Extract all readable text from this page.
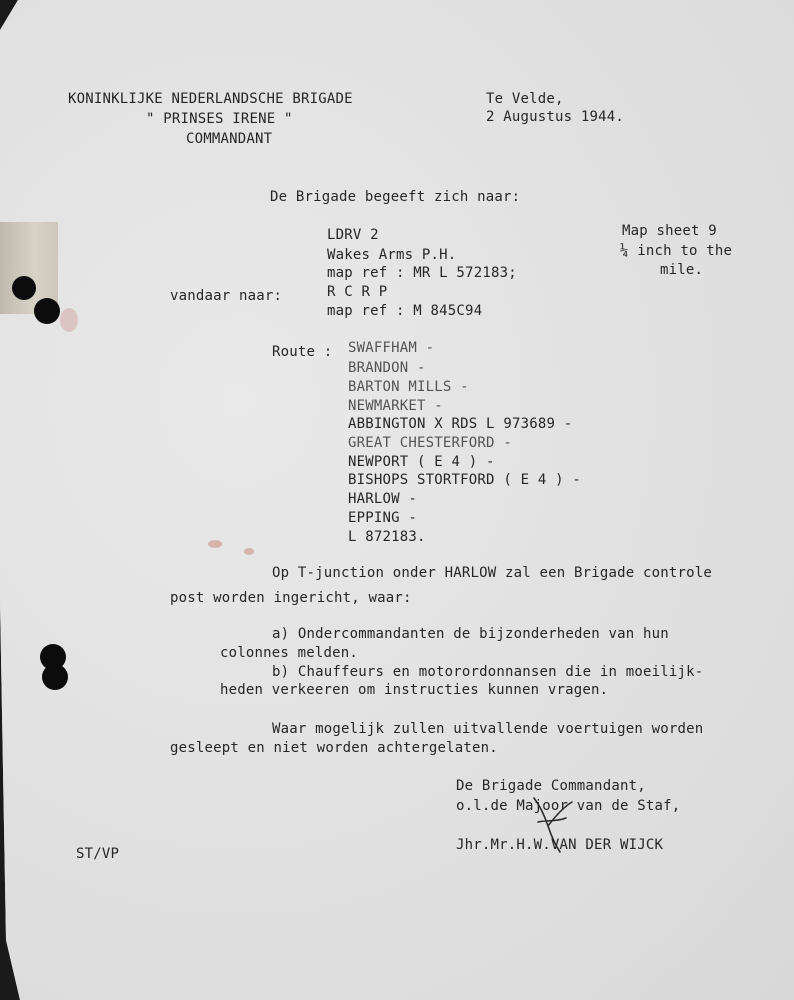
KONINKLIJKE NEDERLANDSCHE BRIGADE
" PRINSES IRENE "
COMMANDANT
Te Velde,
2 Augustus 1944.
De Brigade begeeft zich naar:
LDRV 2
Wakes Arms P.H.
map ref : MR L 572183;
vandaar naar:	R C R P
map ref : M 845C94
Map sheet 9
¼ inch to the
mile.
Route : SWAFFHAM -
BRANDON -
BARTON MILLS -
NEWMARKET -
ABBINGTON X RDS L 973689 -
GREAT CHESTERFORD -
NEWPORT ( E 4 ) -
BISHOPS STORTFORD ( E 4 ) -
HARLOW -
EPPING -
L 872183.
Op T-junction onder HARLOW zal een Brigade controle
post worden ingericht, waar:
a) Ondercommandanten de bijzonderheden van hun
colonnes melden.
b) Chauffeurs en motorordonnansen die in moeilijk-
heden verkeeren om instructies kunnen vragen.
Waar mogelijk zullen uitvallende voertuigen worden
gesleept en niet worden achtergelaten.
De Brigade Commandant,
o.l.de Majoor van de Staf,
Jhr.Mr.H.W.VAN DER WIJCK
ST/VP
